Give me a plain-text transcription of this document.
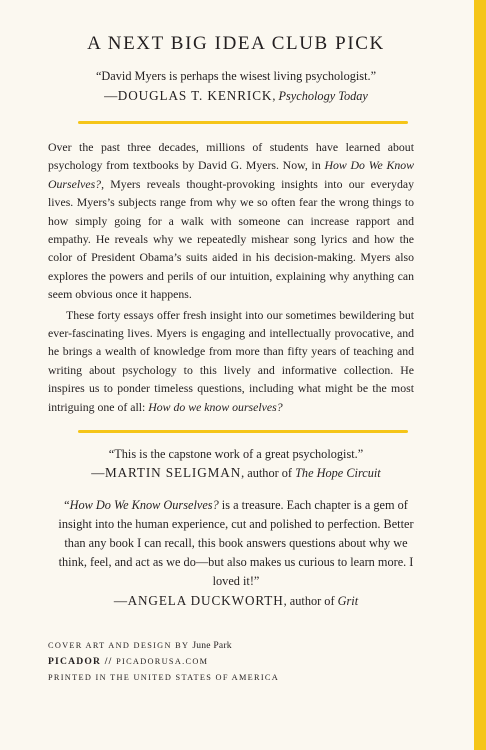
A NEXT BIG IDEA CLUB PICK
“David Myers is perhaps the wisest living psychologist.”
—DOUGLAS T. KENRICK, Psychology Today

Over the past three decades, millions of students have learned about psychology from textbooks by David G. Myers. Now, in How Do We Know Ourselves?, Myers reveals thought-provoking insights into our everyday lives. Myers’s subjects range from why we so often fear the wrong things to how simply going for a walk with someone can increase rapport and empathy. He reveals why we repeatedly mishear song lyrics and how the color of President Obama’s suits aided in his decision-making. Myers also explores the powers and perils of our intuition, explaining why anything can seem obvious once it happens.

These forty essays offer fresh insight into our sometimes bewildering but ever-fascinating lives. Myers is engaging and intellectually provocative, and he brings a wealth of knowledge from more than fifty years of teaching and writing about psychology to this lively and informative collection. He inspires us to ponder timeless questions, including what might be the most intriguing one of all: How do we know ourselves?

“This is the capstone work of a great psychologist.”
—MARTIN SELIGMAN, author of The Hope Circuit
“How Do We Know Ourselves? is a treasure. Each chapter is a gem of insight into the human experience, cut and polished to perfection. Better than any book I can recall, this book answers questions about why we think, feel, and act as we do—but also makes us curious to learn more. I loved it!”
—ANGELA DUCKWORTH, author of Grit
COVER ART AND DESIGN BY June Park
PICADOR // PICADORUSA.COM
PRINTED IN THE UNITED STATES OF AMERICA
